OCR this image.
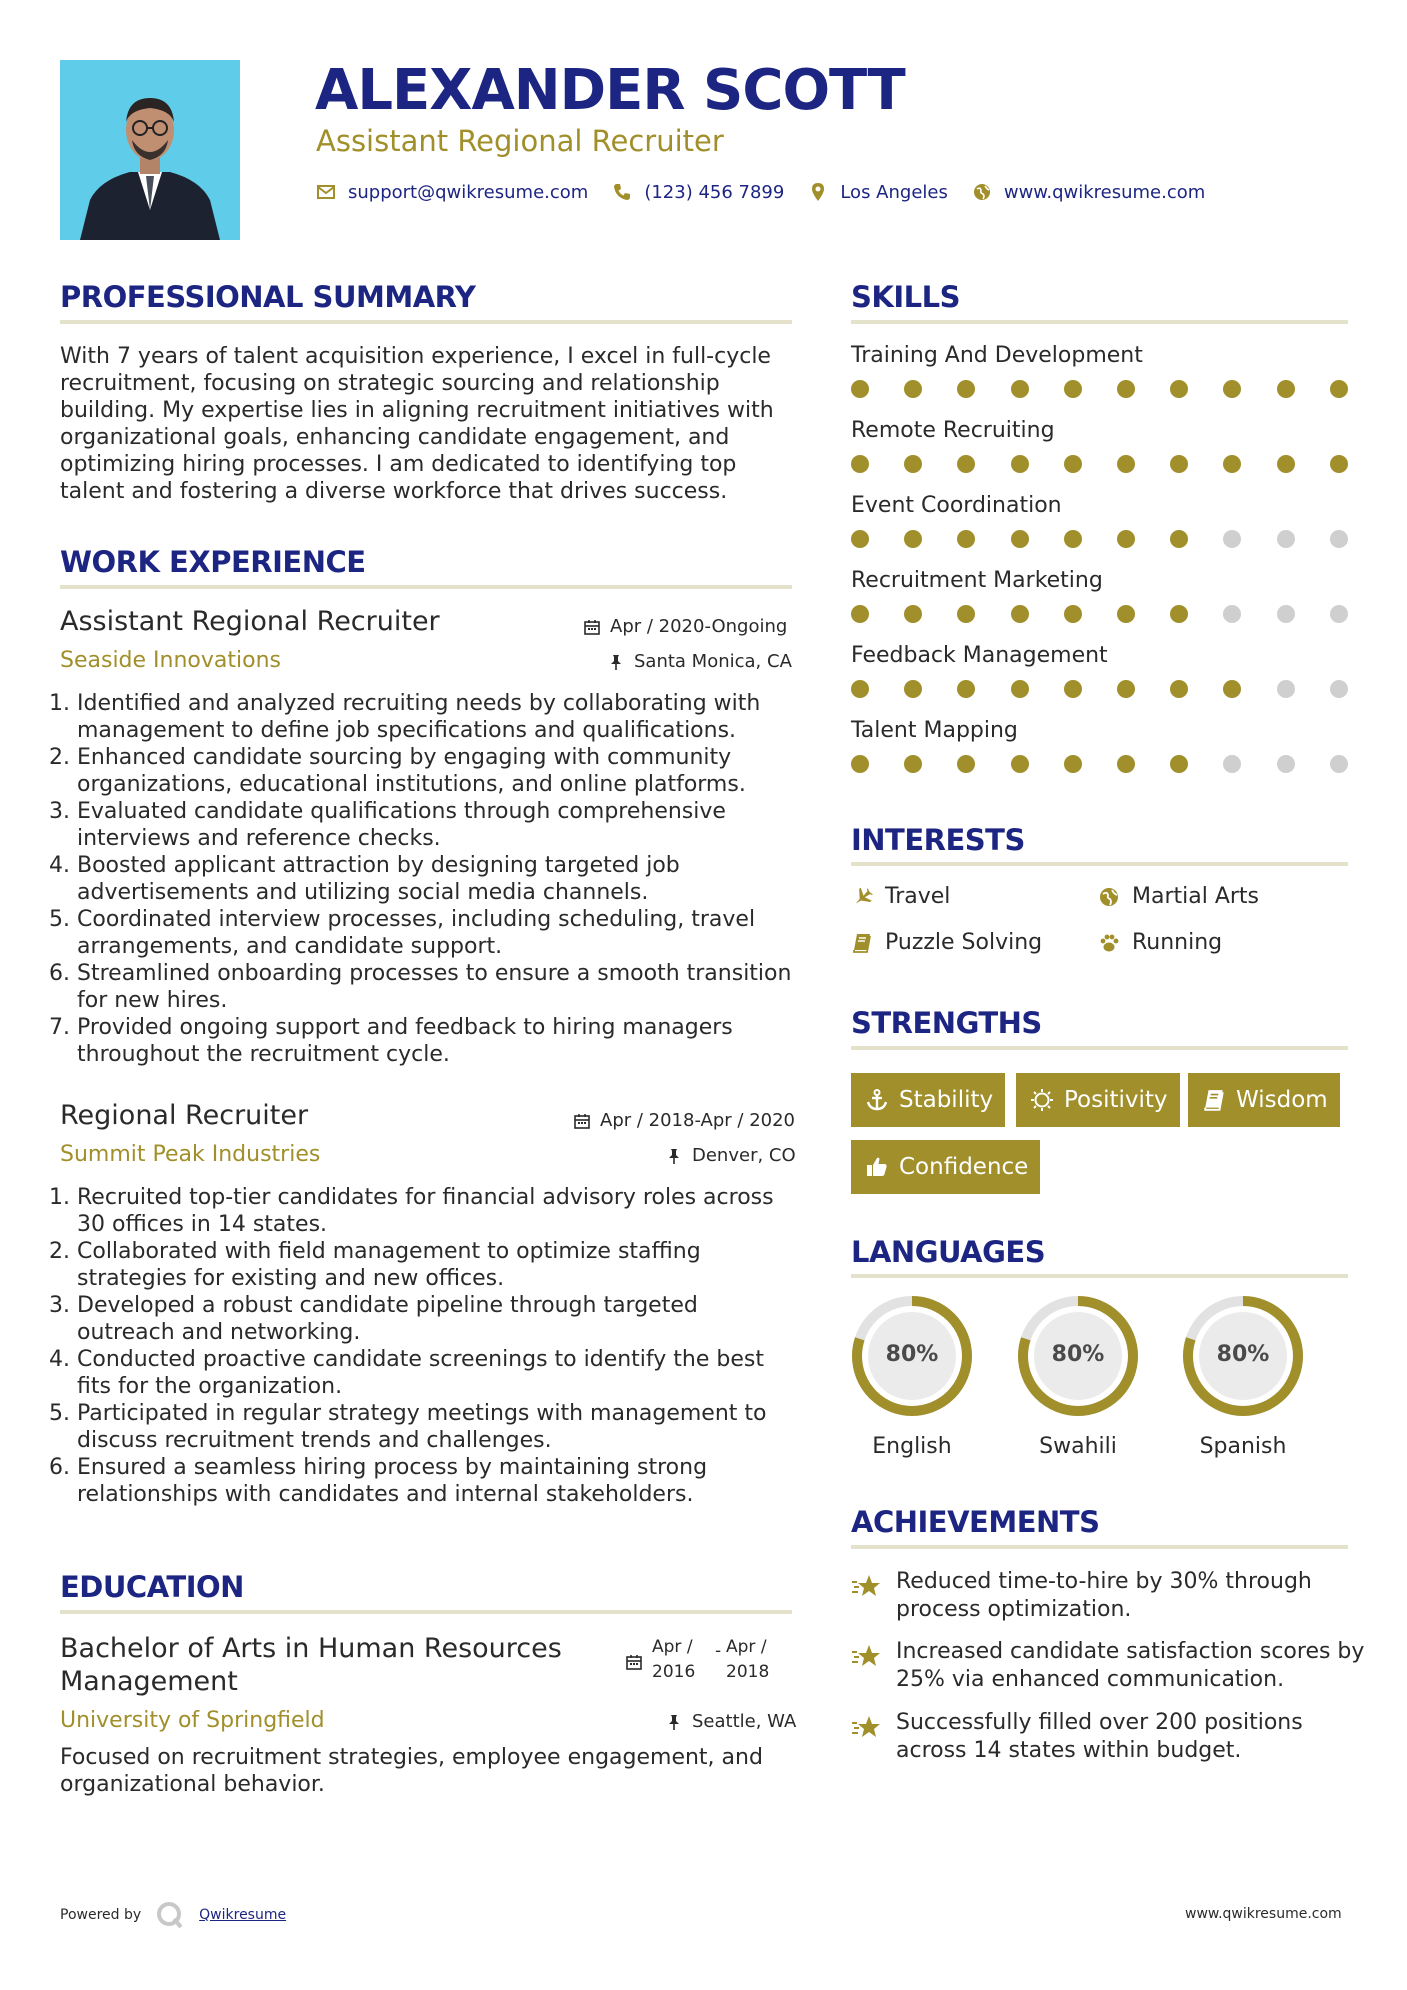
ALEXANDER SCOTT
Assistant Regional Recruiter
support@qwikresume.com	(123) 456 7899	Los Angeles	www.qwikresume.com
PROFESSIONAL SUMMARY
With 7 years of talent acquisition experience, I excel in full-cycle recruitment, focusing on strategic sourcing and relationship building. My expertise lies in aligning recruitment initiatives with organizational goals, enhancing candidate engagement, and optimizing hiring processes. I am dedicated to identifying top talent and fostering a diverse workforce that drives success.
WORK EXPERIENCE
Assistant Regional Recruiter	Apr / 2020-Ongoing
Seaside Innovations	Santa Monica, CA
1. Identified and analyzed recruiting needs by collaborating with management to define job specifications and qualifications.
2. Enhanced candidate sourcing by engaging with community organizations, educational institutions, and online platforms.
3. Evaluated candidate qualifications through comprehensive interviews and reference checks.
4. Boosted applicant attraction by designing targeted job advertisements and utilizing social media channels.
5. Coordinated interview processes, including scheduling, travel arrangements, and candidate support.
6. Streamlined onboarding processes to ensure a smooth transition for new hires.
7. Provided ongoing support and feedback to hiring managers throughout the recruitment cycle.
Regional Recruiter	Apr / 2018-Apr / 2020
Summit Peak Industries	Denver, CO
1. Recruited top-tier candidates for financial advisory roles across 30 offices in 14 states.
2. Collaborated with field management to optimize staffing strategies for existing and new offices.
3. Developed a robust candidate pipeline through targeted outreach and networking.
4. Conducted proactive candidate screenings to identify the best fits for the organization.
5. Participated in regular strategy meetings with management to discuss recruitment trends and challenges.
6. Ensured a seamless hiring process by maintaining strong relationships with candidates and internal stakeholders.
EDUCATION
Bachelor of Arts in Human Resources Management
Apr /
2016
- Apr /
2018
University of Springfield	Seattle, WA
Focused on recruitment strategies, employee engagement, and organizational behavior.
SKILLS
Training And Development
Remote Recruiting
Event Coordination
Recruitment Marketing
Feedback Management
Talent Mapping
INTERESTS
Travel	Martial Arts
Puzzle Solving	Running
STRENGTHS
Stability	Positivity	Wisdom
Confidence
LANGUAGES
80%
English
80%
Swahili
80%
Spanish
ACHIEVEMENTS
Reduced time-to-hire by 30% through process optimization.
Increased candidate satisfaction scores by 25% via enhanced communication.
Successfully filled over 200 positions across 14 states within budget.
Powered by	Qwikresume	www.qwikresume.com
